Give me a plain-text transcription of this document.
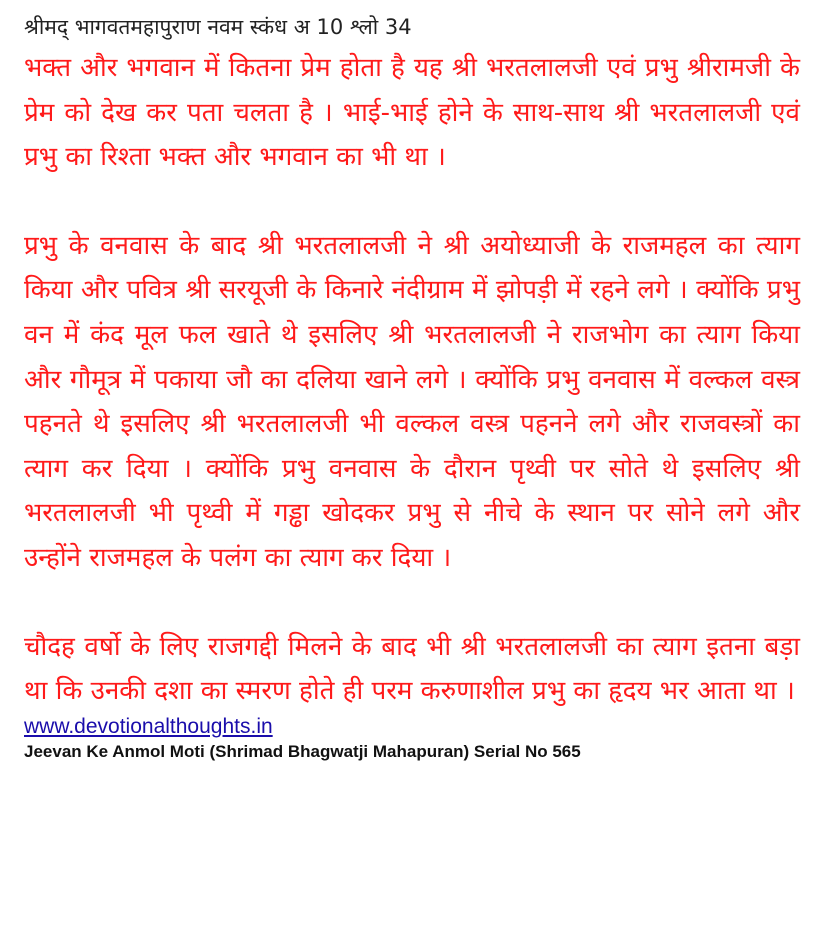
श्रीमद् भागवतमहापुराण नवम स्कंध अ 10 श्लो 34

भक्त और भगवान में कितना प्रेम होता है यह श्री भरतलालजी एवं प्रभु श्रीरामजी के प्रेम को देख कर पता चलता है । भाई-भाई होने के साथ-साथ श्री भरतलालजी एवं प्रभु का रिश्ता भक्त और भगवान का भी था ।

प्रभु के वनवास के बाद श्री भरतलालजी ने श्री अयोध्याजी के राजमहल का त्याग किया और पवित्र श्री सरयूजी के किनारे नंदीग्राम में झोपड़ी में रहने लगे । क्योंकि प्रभु वन में कंद मूल फल खाते थे इसलिए श्री भरतलालजी ने राजभोग का त्याग किया और गौमूत्र में पकाया जौ का दलिया खाने लगे । क्योंकि प्रभु वनवास में वल्कल वस्त्र पहनते थे इसलिए श्री भरतलालजी भी वल्कल वस्त्र पहनने लगे और राजवस्त्रों का त्याग कर दिया । क्योंकि प्रभु वनवास के दौरान पृथ्वी पर सोते थे इसलिए श्री भरतलालजी भी पृथ्वी में गड्ढा खोदकर प्रभु से नीचे के स्थान पर सोने लगे और उन्होंने राजमहल के पलंग का त्याग कर दिया ।

चौदह वर्षो के लिए राजगद्दी मिलने के बाद भी श्री भरतलालजी का त्याग इतना बड़ा था कि उनकी दशा का स्मरण होते ही परम करुणाशील प्रभु का हृदय भर आता था ।

www.devotionalthoughts.in
Jeevan Ke Anmol Moti (Shrimad Bhagwatji Mahapuran) Serial No 565
